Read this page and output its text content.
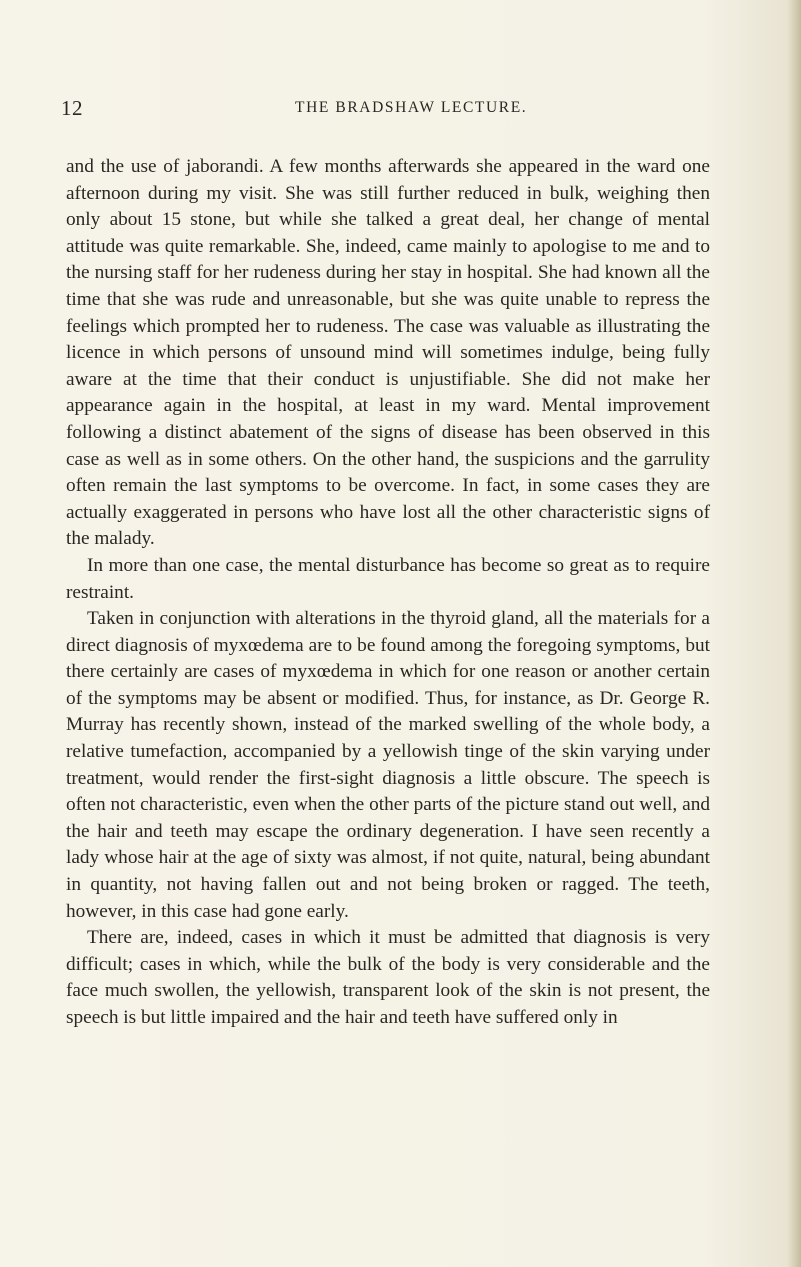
12	THE BRADSHAW LECTURE.

and the use of jaborandi. A few months afterwards she appeared in the ward one afternoon during my visit. She was still further reduced in bulk, weighing then only about 15 stone, but while she talked a great deal, her change of mental attitude was quite remarkable. She, indeed, came mainly to apologise to me and to the nursing staff for her rudeness during her stay in hospital. She had known all the time that she was rude and unreasonable, but she was quite unable to repress the feelings which prompted her to rudeness. The case was valuable as illustrating the licence in which persons of unsound mind will sometimes indulge, being fully aware at the time that their conduct is unjustifiable. She did not make her appearance again in the hospital, at least in my ward. Mental improvement following a distinct abatement of the signs of disease has been observed in this case as well as in some others. On the other hand, the suspicions and the garrulity often remain the last symptoms to be overcome. In fact, in some cases they are actually exaggerated in persons who have lost all the other characteristic signs of the malady.

In more than one case, the mental disturbance has become so great as to require restraint.

Taken in conjunction with alterations in the thyroid gland, all the materials for a direct diagnosis of myxœdema are to be found among the foregoing symptoms, but there certainly are cases of myxœdema in which for one reason or another certain of the symptoms may be absent or modified. Thus, for instance, as Dr. George R. Murray has recently shown, instead of the marked swelling of the whole body, a relative tumefaction, accompanied by a yellowish tinge of the skin varying under treatment, would render the first-sight diagnosis a little obscure. The speech is often not characteristic, even when the other parts of the picture stand out well, and the hair and teeth may escape the ordinary degeneration. I have seen recently a lady whose hair at the age of sixty was almost, if not quite, natural, being abundant in quantity, not having fallen out and not being broken or ragged. The teeth, however, in this case had gone early.

There are, indeed, cases in which it must be admitted that diagnosis is very difficult; cases in which, while the bulk of the body is very considerable and the face much swollen, the yellowish, transparent look of the skin is not present, the speech is but little impaired and the hair and teeth have suffered only in
